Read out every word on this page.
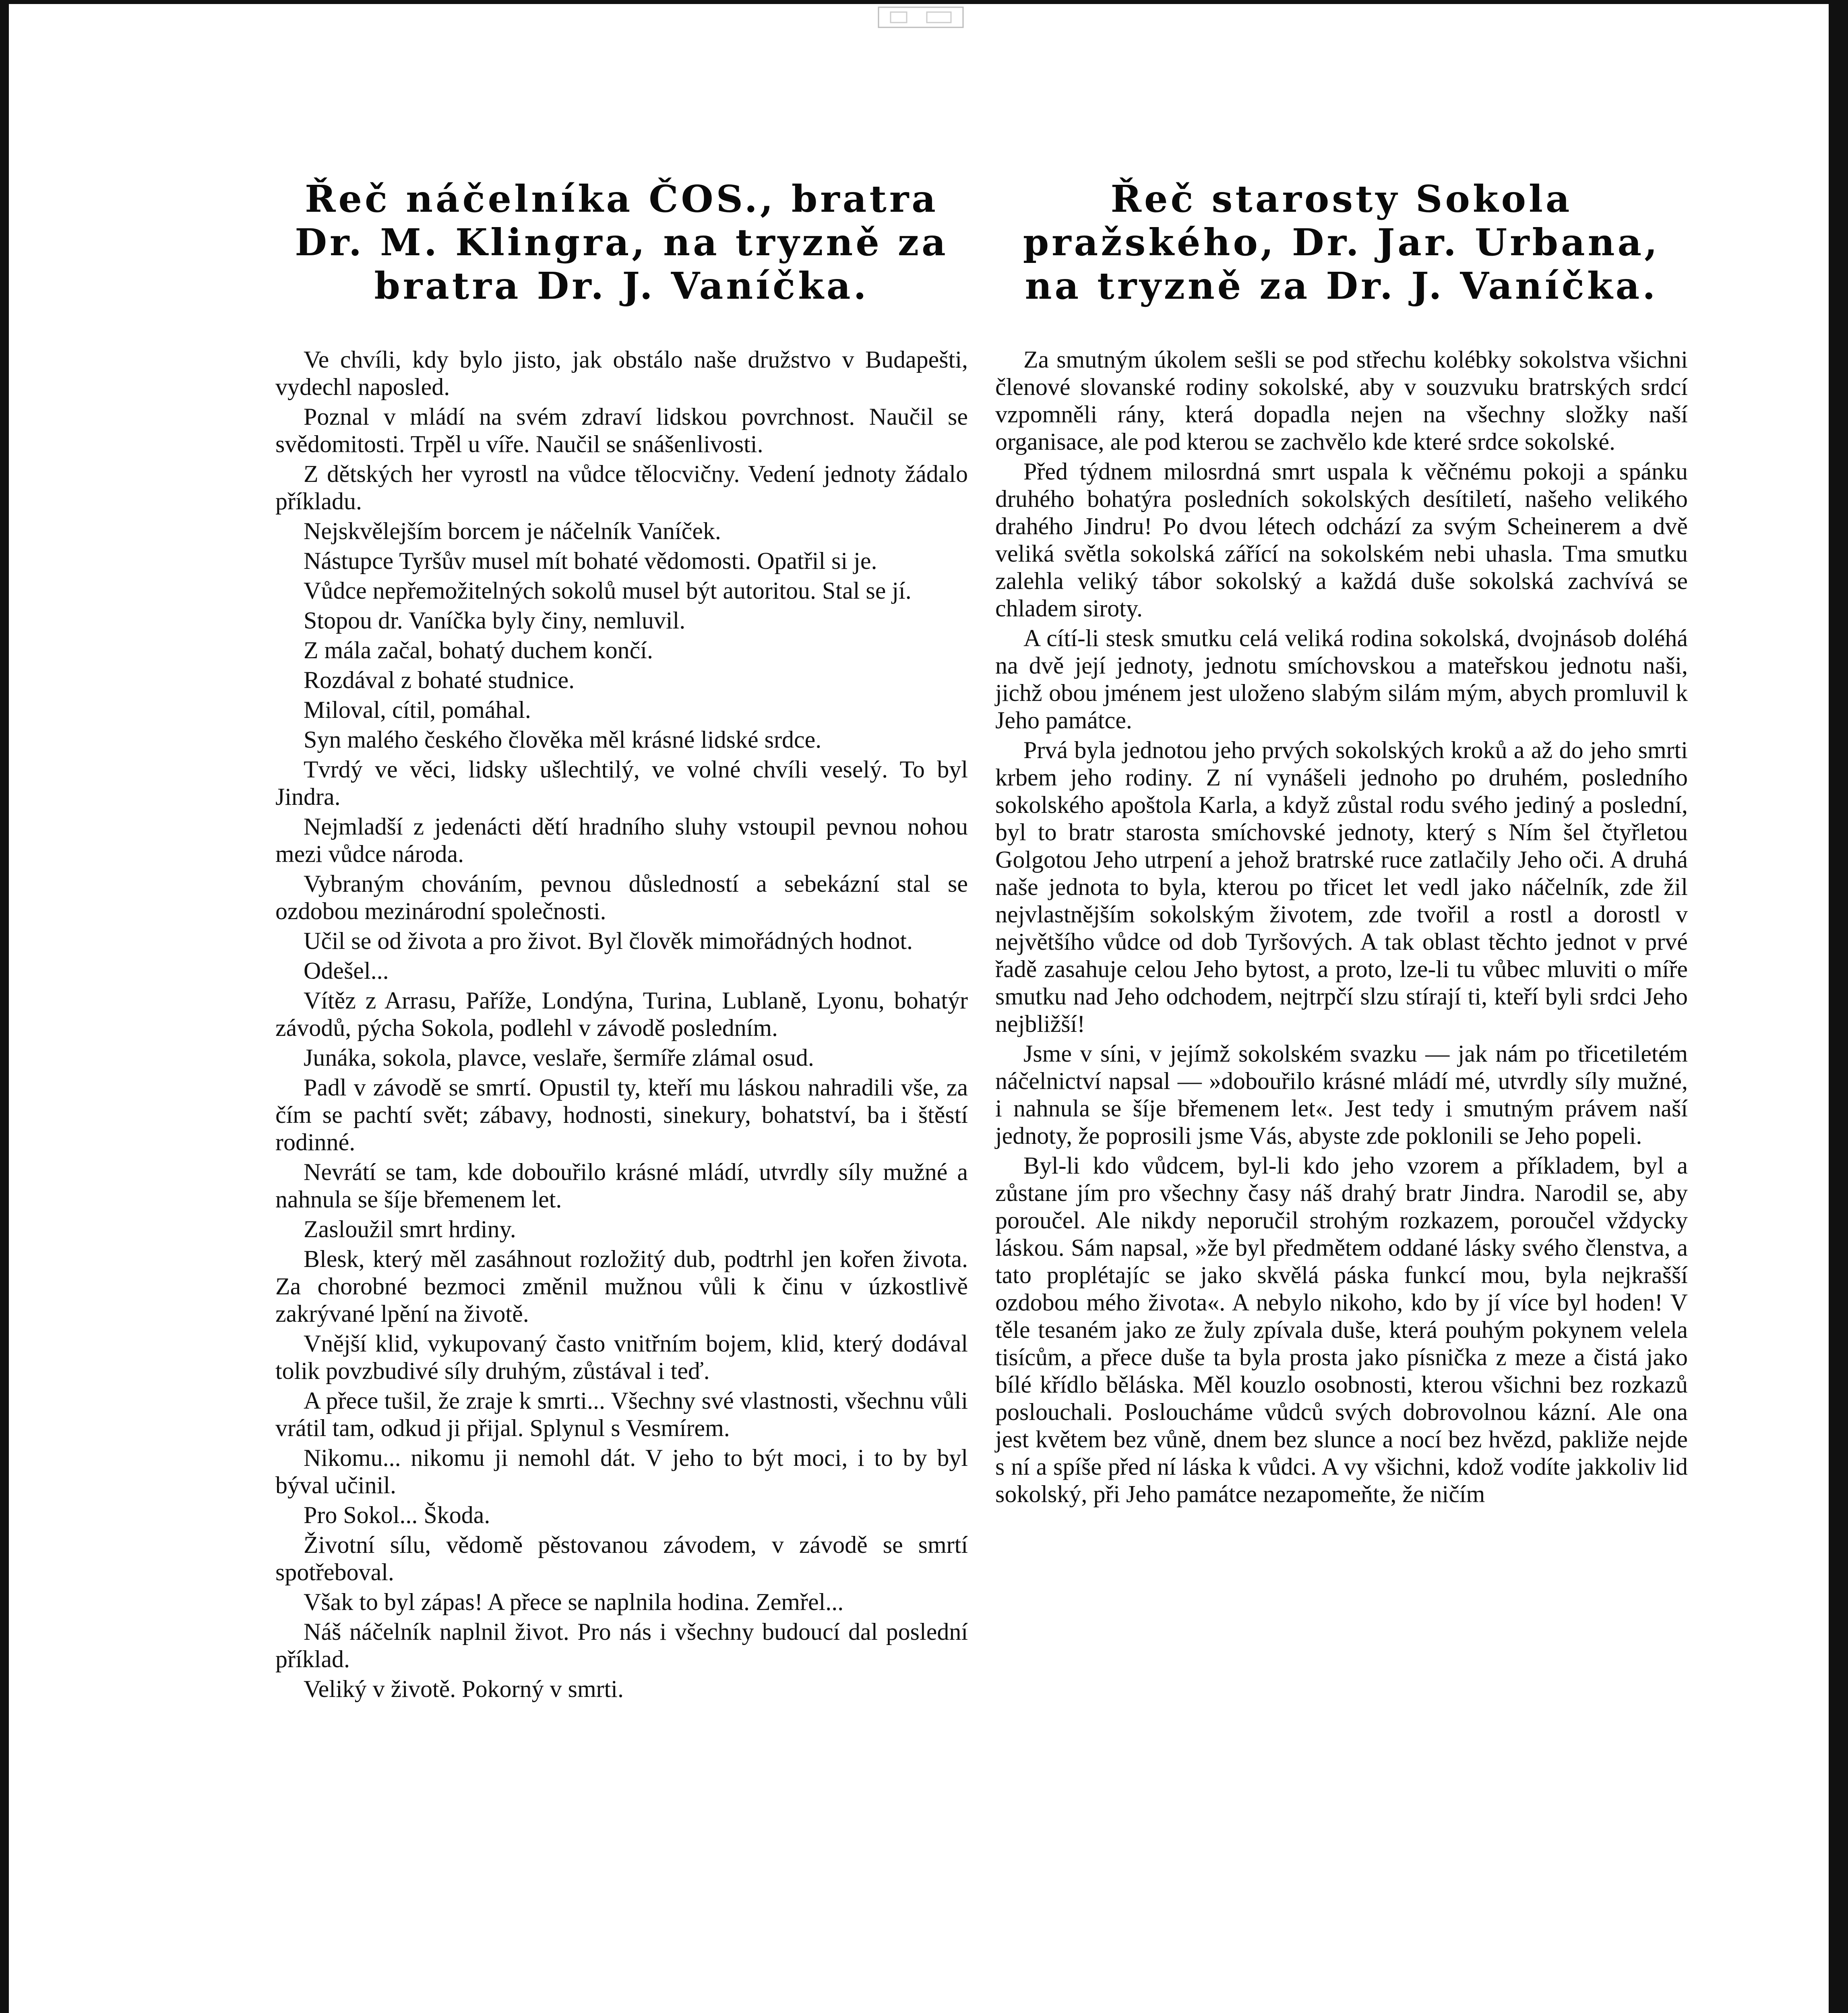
Řeč náčelníka ČOS., bratra Dr. M. Klingra, na tryzně za bratra Dr. J. Vaníčka.

Ve chvíli, kdy bylo jisto, jak obstálo naše družstvo v Budapešti, vydechl naposled.

Poznal v mládí na svém zdraví lidskou povrchnost. Naučil se svědomitosti. Trpěl u víře. Naučil se snášenlivosti.

Z dětských her vyrostl na vůdce tělocvičny. Vedení jednoty žádalo příkladu.

Nejskvělejším borcem je náčelník Vaníček.

Nástupce Tyršův musel mít bohaté vědomosti. Opatřil si je.

Vůdce nepřemožitelných sokolů musel být autoritou. Stal se jí.

Stopou dr. Vaníčka byly činy, nemluvil.

Z mála začal, bohatý duchem končí.

Rozdával z bohaté studnice.

Miloval, cítil, pomáhal.

Syn malého českého člověka měl krásné lidské srdce.

Tvrdý ve věci, lidsky ušlechtilý, ve volné chvíli veselý. To byl Jindra.

Nejmladší z jedenácti dětí hradního sluhy vstoupil pevnou nohou mezi vůdce národa.

Vybraným chováním, pevnou důsledností a sebekázní stal se ozdobou mezinárodní společnosti.

Učil se od života a pro život. Byl člověk mimořádných hodnot.

Odešel...

Vítěz z Arrasu, Paříže, Londýna, Turina, Lublaně, Lyonu, bohatýr závodů, pýcha Sokola, podlehl v závodě posledním.

Junáka, sokola, plavce, veslaře, šermíře zlámal osud.

Padl v závodě se smrtí. Opustil ty, kteří mu láskou nahradili vše, za čím se pachtí svět; zábavy, hodnosti, sinekury, bohatství, ba i štěstí rodinné.

Nevrátí se tam, kde dobouřilo krásné mládí, utvrdly síly mužné a nahnula se šíje břemenem let.

Zasloužil smrt hrdiny.

Blesk, který měl zasáhnout rozložitý dub, podtrhl jen kořen života. Za chorobné bezmoci změnil mužnou vůli k činu v úzkostlivě zakrývané lpění na životě.

Vnější klid, vykupovaný často vnitřním bojem, klid, který dodával tolik povzbudivé síly druhým, zůstával i teď.

A přece tušil, že zraje k smrti... Všechny své vlastnosti, všechnu vůli vrátil tam, odkud ji přijal. Splynul s Vesmírem.

Nikomu... nikomu ji nemohl dát. V jeho to být moci, i to by byl býval učinil.

Pro Sokol... Škoda.

Životní sílu, vědomě pěstovanou závodem, v závodě se smrtí spotřeboval.

Však to byl zápas! A přece se naplnila hodina. Zemřel...

Náš náčelník naplnil život. Pro nás i všechny budoucí dal poslední příklad.

Veliký v životě. Pokorný v smrti.

Řeč starosty Sokola pražského, Dr. Jar. Urbana, na tryzně za Dr. J. Vaníčka.

Za smutným úkolem sešli se pod střechu kolébky sokolstva všichni členové slovanské rodiny sokolské, aby v souzvuku bratrských srdcí vzpomněli rány, která dopadla nejen na všechny složky naší organisace, ale pod kterou se zachvělo kde které srdce sokolské.

Před týdnem milosrdná smrt uspala k věčnému pokoji a spánku druhého bohatýra posledních sokolských desítiletí, našeho velikého drahého Jindru! Po dvou létech odchází za svým Scheinerem a dvě veliká světla sokolská zářící na sokolském nebi uhasla. Tma smutku zalehla veliký tábor sokolský a každá duše sokolská zachvívá se chladem siroty.

A cítí-li stesk smutku celá veliká rodina sokolská, dvojnásob doléhá na dvě její jednoty, jednotu smíchovskou a mateřskou jednotu naši, jichž obou jménem jest uloženo slabým silám mým, abych promluvil k Jeho památce.

Prvá byla jednotou jeho prvých sokolských kroků a až do jeho smrti krbem jeho rodiny. Z ní vynášeli jednoho po druhém, posledního sokolského apoštola Karla, a když zůstal rodu svého jediný a poslední, byl to bratr starosta smíchovské jednoty, který s Ním šel čtyřletou Golgotou Jeho utrpení a jehož bratrské ruce zatlačily Jeho oči. A druhá naše jednota to byla, kterou po třicet let vedl jako náčelník, zde žil nejvlastnějším sokolským životem, zde tvořil a rostl a dorostl v největšího vůdce od dob Tyršových. A tak oblast těchto jednot v prvé řadě zasahuje celou Jeho bytost, a proto, lze-li tu vůbec mluviti o míře smutku nad Jeho odchodem, nejtrpčí slzu stírají ti, kteří byli srdci Jeho nejbližší!

Jsme v síni, v jejímž sokolském svazku — jak nám po třicetiletém náčelnictví napsal — »dobouřilo krásné mládí mé, utvrdly síly mužné, i nahnula se šíje břemenem let«. Jest tedy i smutným právem naší jednoty, že poprosili jsme Vás, abyste zde poklonili se Jeho popeli.

Byl-li kdo vůdcem, byl-li kdo jeho vzorem a příkladem, byl a zůstane jím pro všechny časy náš drahý bratr Jindra. Narodil se, aby poroučel. Ale nikdy neporučil strohým rozkazem, poroučel vždycky láskou. Sám napsal, »že byl předmětem oddané lásky svého členstva, a tato proplétajíc se jako skvělá páska funkcí mou, byla nejkrašší ozdobou mého života«. A nebylo nikoho, kdo by jí více byl hoden! V těle tesaném jako ze žuly zpívala duše, která pouhým pokynem velela tisícům, a přece duše ta byla prosta jako písnička z meze a čistá jako bílé křídlo běláska. Měl kouzlo osobnosti, kterou všichni bez rozkazů poslouchali. Posloucháme vůdců svých dobrovolnou kázní. Ale ona jest květem bez vůně, dnem bez slunce a nocí bez hvězd, pakliže nejde s ní a spíše před ní láska k vůdci. A vy všichni, kdož vodíte jakkoliv lid sokolský, při Jeho památce nezapomeňte, že ničím
